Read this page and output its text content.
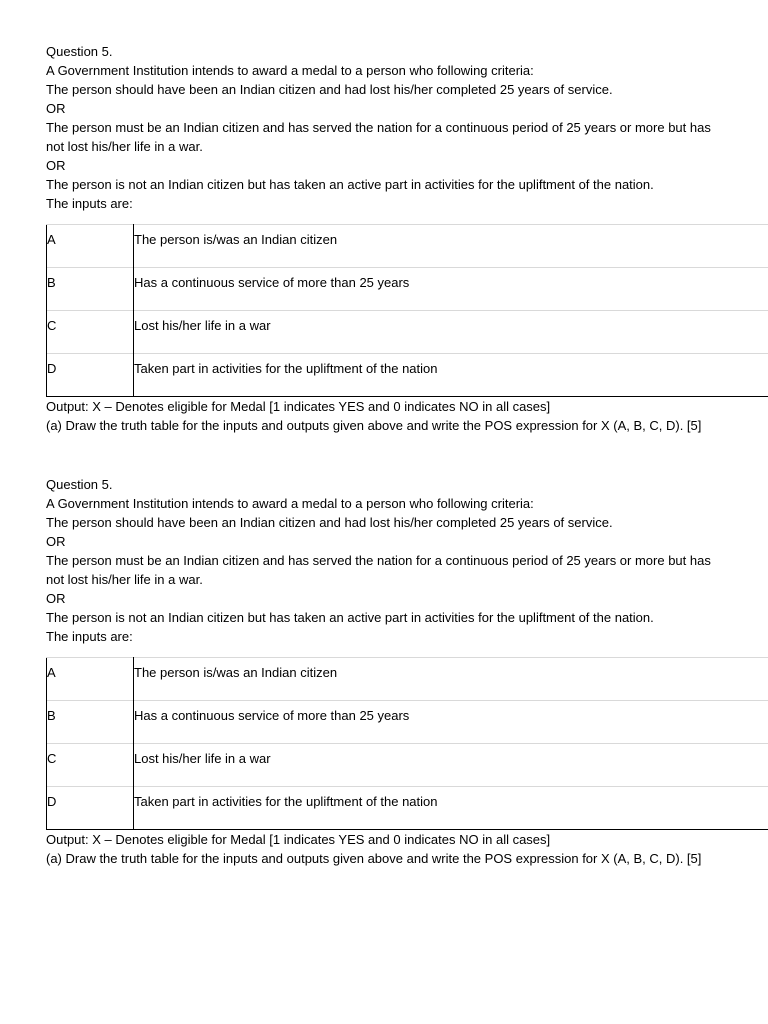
Question 5.

A Government Institution intends to award a medal to a person who following criteria:

The person should have been an Indian citizen and had lost his/her completed 25 years of service.

OR

The person must be an Indian citizen and has served the nation for a continuous period of 25 years or more but has not lost his/her life in a war.

OR

The person is not an Indian citizen but has taken an active part in activities for the upliftment of the nation.

The inputs are:

A	The person is/was an Indian citizen
B	Has a continuous service of more than 25 years
C	Lost his/her life in a war
D	Taken part in activities for the upliftment of the nation

Output: X – Denotes eligible for Medal [1 indicates YES and 0 indicates NO in all cases]

(a) Draw the truth table for the inputs and outputs given above and write the POS expression for X (A, B, C, D). [5]

Question 5.

A Government Institution intends to award a medal to a person who following criteria:

The person should have been an Indian citizen and had lost his/her completed 25 years of service.

OR

The person must be an Indian citizen and has served the nation for a continuous period of 25 years or more but has not lost his/her life in a war.

OR

The person is not an Indian citizen but has taken an active part in activities for the upliftment of the nation.

The inputs are:

A	The person is/was an Indian citizen
B	Has a continuous service of more than 25 years
C	Lost his/her life in a war
D	Taken part in activities for the upliftment of the nation

Output: X – Denotes eligible for Medal [1 indicates YES and 0 indicates NO in all cases]

(a) Draw the truth table for the inputs and outputs given above and write the POS expression for X (A, B, C, D). [5]
